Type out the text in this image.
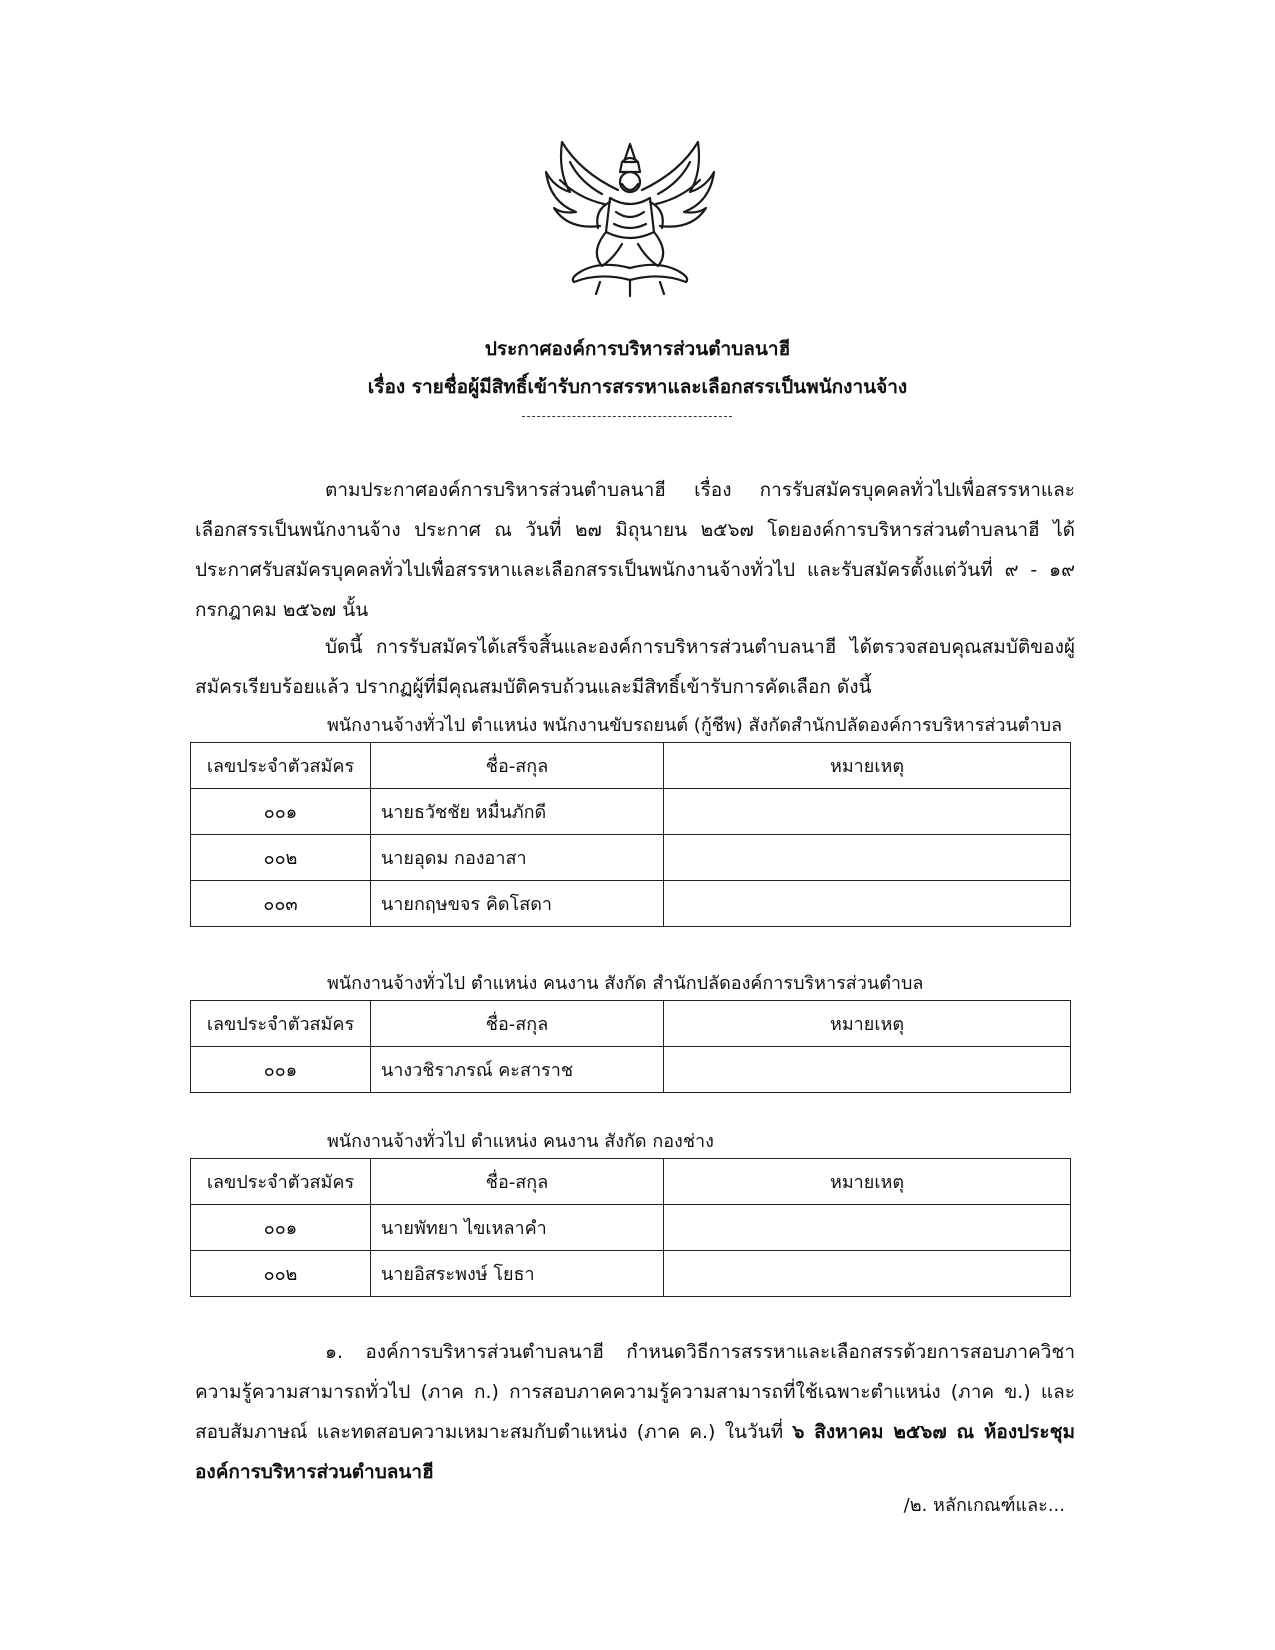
ประกาศองค์การบริหารส่วนตำบลนาฮี
เรื่อง รายชื่อผู้มีสิทธิ์เข้ารับการสรรหาและเลือกสรรเป็นพนักงานจ้าง
ตามประกาศองค์การบริหารส่วนตำบลนาฮี เรื่อง การรับสมัครบุคคลทั่วไปเพื่อสรรหาและเลือกสรรเป็นพนักงานจ้าง ประกาศ ณ วันที่ ๒๗ มิถุนายน ๒๕๖๗ โดยองค์การบริหารส่วนตำบลนาฮี ได้ประกาศรับสมัครบุคคลทั่วไปเพื่อสรรหาและเลือกสรรเป็นพนักงานจ้างทั่วไป และรับสมัครตั้งแต่วันที่ ๙ - ๑๙ กรกฎาคม ๒๕๖๗ นั้น
บัดนี้ การรับสมัครได้เสร็จสิ้นและองค์การบริหารส่วนตำบลนาฮี ได้ตรวจสอบคุณสมบัติของผู้สมัครเรียบร้อยแล้ว ปรากฏผู้ที่มีคุณสมบัติครบถ้วนและมีสิทธิ์เข้ารับการคัดเลือก ดังนี้
พนักงานจ้างทั่วไป ตำแหน่ง พนักงานขับรถยนต์ (กู้ชีพ) สังกัดสำนักปลัดองค์การบริหารส่วนตำบล
เลขประจำตัวสมัคร	ชื่อ-สกุล	หมายเหตุ
๐๐๑	นายธวัชชัย หมื่นภักดี	
๐๐๒	นายอุดม กองอาสา	
๐๐๓	นายกฤษขจร คิดโสดา	
พนักงานจ้างทั่วไป ตำแหน่ง คนงาน สังกัด สำนักปลัดองค์การบริหารส่วนตำบล
เลขประจำตัวสมัคร	ชื่อ-สกุล	หมายเหตุ
๐๐๑	นางวชิราภรณ์ คะสาราช	
พนักงานจ้างทั่วไป ตำแหน่ง คนงาน สังกัด กองช่าง
เลขประจำตัวสมัคร	ชื่อ-สกุล	หมายเหตุ
๐๐๑	นายพัทยา ไขเหลาคำ	
๐๐๒	นายอิสระพงษ์ โยธา	
๑. องค์การบริหารส่วนตำบลนาฮี กำหนดวิธีการสรรหาและเลือกสรรด้วยการสอบภาควิชาความรู้ความสามารถทั่วไป (ภาค ก.) การสอบภาคความรู้ความสามารถที่ใช้เฉพาะตำแหน่ง (ภาค ข.) และสอบสัมภาษณ์ และทดสอบความเหมาะสมกับตำแหน่ง (ภาค ค.) ในวันที่ ๖ สิงหาคม ๒๕๖๗ ณ ห้องประชุมองค์การบริหารส่วนตำบลนาฮี
/๒. หลักเกณฑ์และ...
